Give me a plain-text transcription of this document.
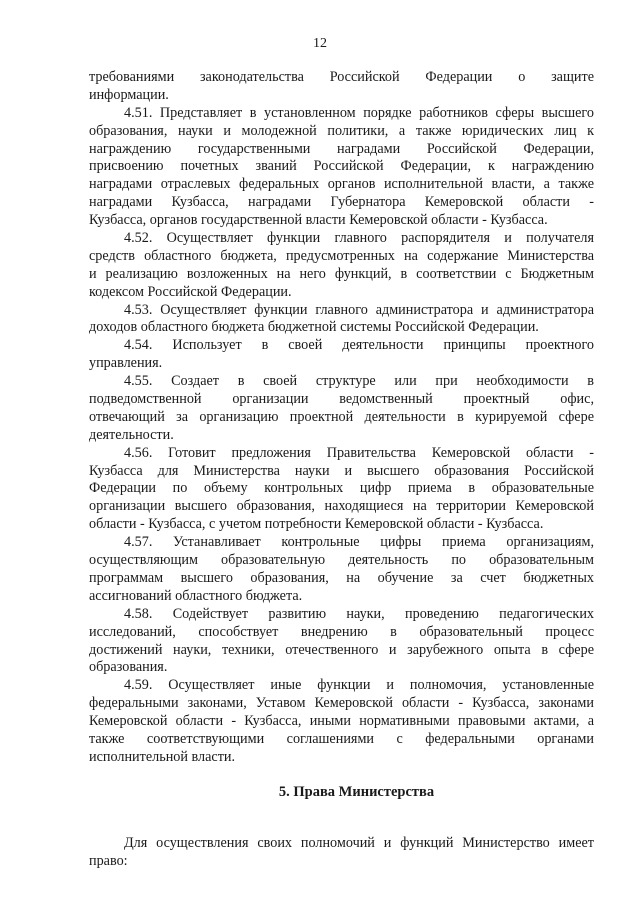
12
требованиями законодательства Российской Федерации о защите
информации.
4.51. Представляет в установленном порядке работников сферы высшего
образования, науки и молодежной политики, а также юридических лиц к
награждению государственными наградами Российской Федерации,
присвоению почетных званий Российской Федерации, к награждению
наградами отраслевых федеральных органов исполнительной власти, а также
наградами Кузбасса, наградами Губернатора Кемеровской области -
Кузбасса, органов государственной власти Кемеровской области - Кузбасса.
4.52. Осуществляет функции главного распорядителя и получателя
средств областного бюджета, предусмотренных на содержание Министерства
и реализацию возложенных на него функций, в соответствии с Бюджетным
кодексом Российской Федерации.
4.53. Осуществляет функции главного администратора и администратора
доходов областного бюджета бюджетной системы Российской Федерации.
4.54. Использует в своей деятельности принципы проектного
управления.
4.55. Создает в своей структуре или при необходимости в
подведомственной организации ведомственный проектный офис,
отвечающий за организацию проектной деятельности в курируемой сфере
деятельности.
4.56. Готовит предложения Правительства Кемеровской области -
Кузбасса для Министерства науки и высшего образования Российской
Федерации по объему контрольных цифр приема в образовательные
организации высшего образования, находящиеся на территории Кемеровской
области - Кузбасса, с учетом потребности Кемеровской области - Кузбасса.
4.57. Устанавливает контрольные цифры приема организациям,
осуществляющим образовательную деятельность по образовательным
программам высшего образования, на обучение за счет бюджетных
ассигнований областного бюджета.
4.58. Содействует развитию науки, проведению педагогических
исследований, способствует внедрению в образовательный процесс
достижений науки, техники, отечественного и зарубежного опыта в сфере
образования.
4.59. Осуществляет иные функции и полномочия, установленные
федеральными законами, Уставом Кемеровской области - Кузбасса, законами
Кемеровской области - Кузбасса, иными нормативными правовыми актами, а
также соответствующими соглашениями с федеральными органами
исполнительной власти.
5. Права Министерства
Для осуществления своих полномочий и функций Министерство имеет
право:
